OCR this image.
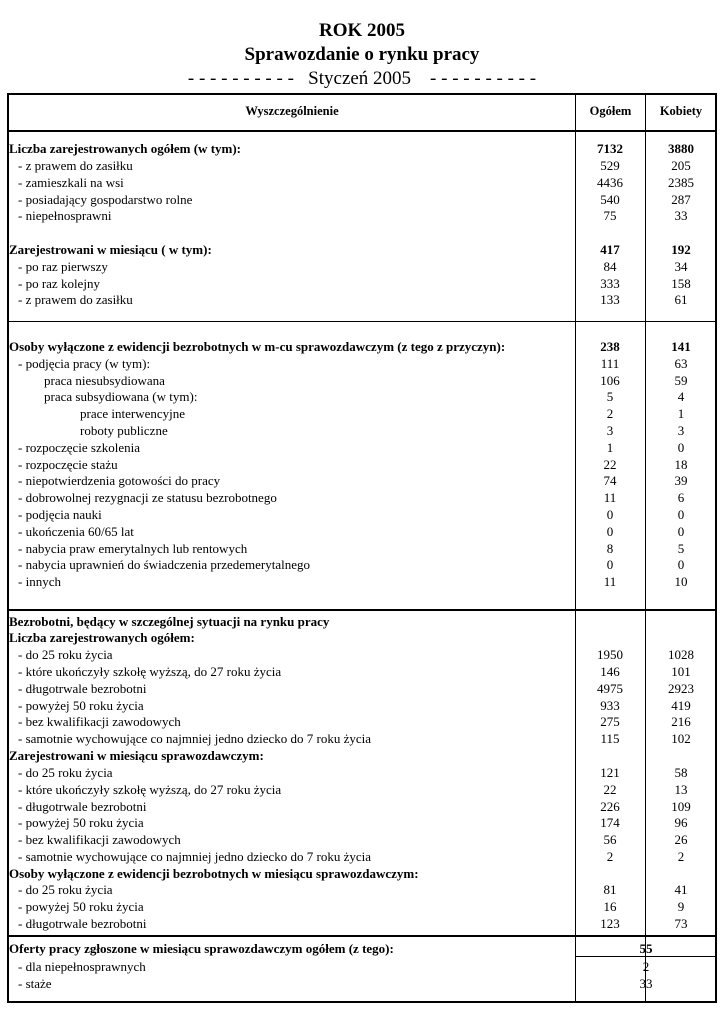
ROK 2005
Sprawozdanie o rynku pracy
- - - - - - - - - -   Styczeń 2005    - - - - - - - - - -
Wyszczególnienie	Ogółem	Kobiety
Liczba zarejestrowanych ogółem (w tym):	7132	3880
- z prawem do zasiłku	529	205
- zamieszkali na wsi	4436	2385
- posiadający gospodarstwo rolne	540	287
- niepełnosprawni	75	33
Zarejestrowani w miesiącu ( w tym):	417	192
- po raz pierwszy	84	34
- po raz kolejny	333	158
- z prawem do zasiłku	133	61
Osoby wyłączone z ewidencji bezrobotnych w m-cu sprawozdawczym (z tego z przyczyn):	238	141
- podjęcia pracy (w tym):	111	63
praca niesubsydiowana	106	59
praca subsydiowana (w tym):	5	4
prace interwencyjne	2	1
roboty publiczne	3	3
- rozpoczęcie szkolenia	1	0
- rozpoczęcie stażu	22	18
- niepotwierdzenia gotowości do pracy	74	39
- dobrowolnej rezygnacji ze statusu bezrobotnego	11	6
- podjęcia nauki	0	0
- ukończenia 60/65 lat	0	0
- nabycia praw emerytalnych lub rentowych	8	5
- nabycia uprawnień do świadczenia przedemerytalnego	0	0
- innych	11	10
Bezrobotni, będący w szczególnej sytuacji na rynku pracy
Liczba zarejestrowanych ogółem:
- do 25 roku życia	1950	1028
- które ukończyły szkołę wyższą, do 27 roku życia	146	101
- długotrwale bezrobotni	4975	2923
- powyżej 50 roku życia	933	419
- bez kwalifikacji zawodowych	275	216
- samotnie wychowujące co najmniej jedno dziecko do 7 roku życia	115	102
Zarejestrowani w miesiącu sprawozdawczym:
- do 25 roku życia	121	58
- które ukończyły szkołę wyższą, do 27 roku życia	22	13
- długotrwale bezrobotni	226	109
- powyżej 50 roku życia	174	96
- bez kwalifikacji zawodowych	56	26
- samotnie wychowujące co najmniej jedno dziecko do 7 roku życia	2	2
Osoby wyłączone z ewidencji bezrobotnych w miesiącu sprawozdawczym:
- do 25 roku życia	81	41
- powyżej 50 roku życia	16	9
- długotrwale bezrobotni	123	73
Oferty pracy zgłoszone w miesiącu sprawozdawczym ogółem (z tego):	55
- dla niepełnosprawnych	2
- staże	33
